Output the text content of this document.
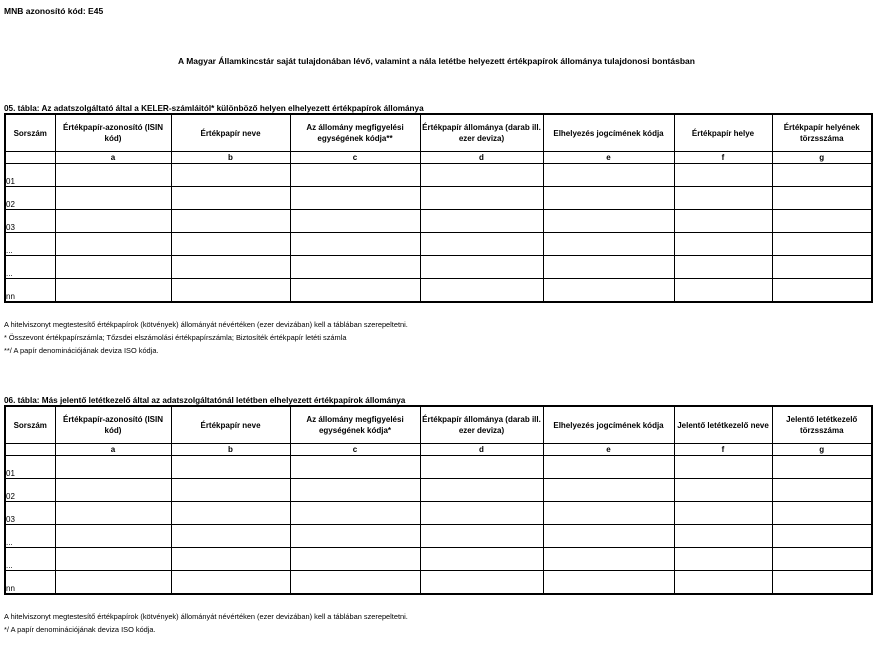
MNB azonosító kód: E45
A Magyar Államkincstár saját tulajdonában lévő, valamint a nála letétbe helyezett értékpapírok állománya tulajdonosi bontásban
05. tábla: Az adatszolgáltató által a KELER-számláitól* különböző helyen elhelyezett értékpapírok állománya
Sorszám	Értékpapír-azonosító (ISIN kód)	Értékpapír neve	Az állomány megfigyelési egységének kódja**	Értékpapír állománya (darab ill. ezer deviza)	Elhelyezés jogcímének kódja	Értékpapír helye	Értékpapír helyének törzsszáma
	a	b	c	d	e	f	g
01							
02							
03							
...							
...							
nn							
A hitelviszonyt megtestesítő értékpapírok (kötvények) állományát névértéken (ezer devizában) kell a táblában szerepeltetni.
* Összevont értékpapírszámla; Tőzsdei elszámolási értékpapírszámla; Biztosíték értékpapír letéti számla
**/ A papír denominációjának deviza ISO kódja.
06. tábla: Más jelentő letétkezelő által az adatszolgáltatónál letétben elhelyezett értékpapírok állománya
Sorszám	Értékpapír-azonosító (ISIN kód)	Értékpapír neve	Az állomány megfigyelési egységének kódja*	Értékpapír állománya (darab ill. ezer deviza)	Elhelyezés jogcímének kódja	Jelentő letétkezelő neve	Jelentő letétkezelő törzsszáma
	a	b	c	d	e	f	g
01							
02							
03							
...							
...							
nn							
A hitelviszonyt megtestesítő értékpapírok (kötvények) állományát névértéken (ezer devizában) kell a táblában szerepeltetni.
*/ A papír denominációjának deviza ISO kódja.
